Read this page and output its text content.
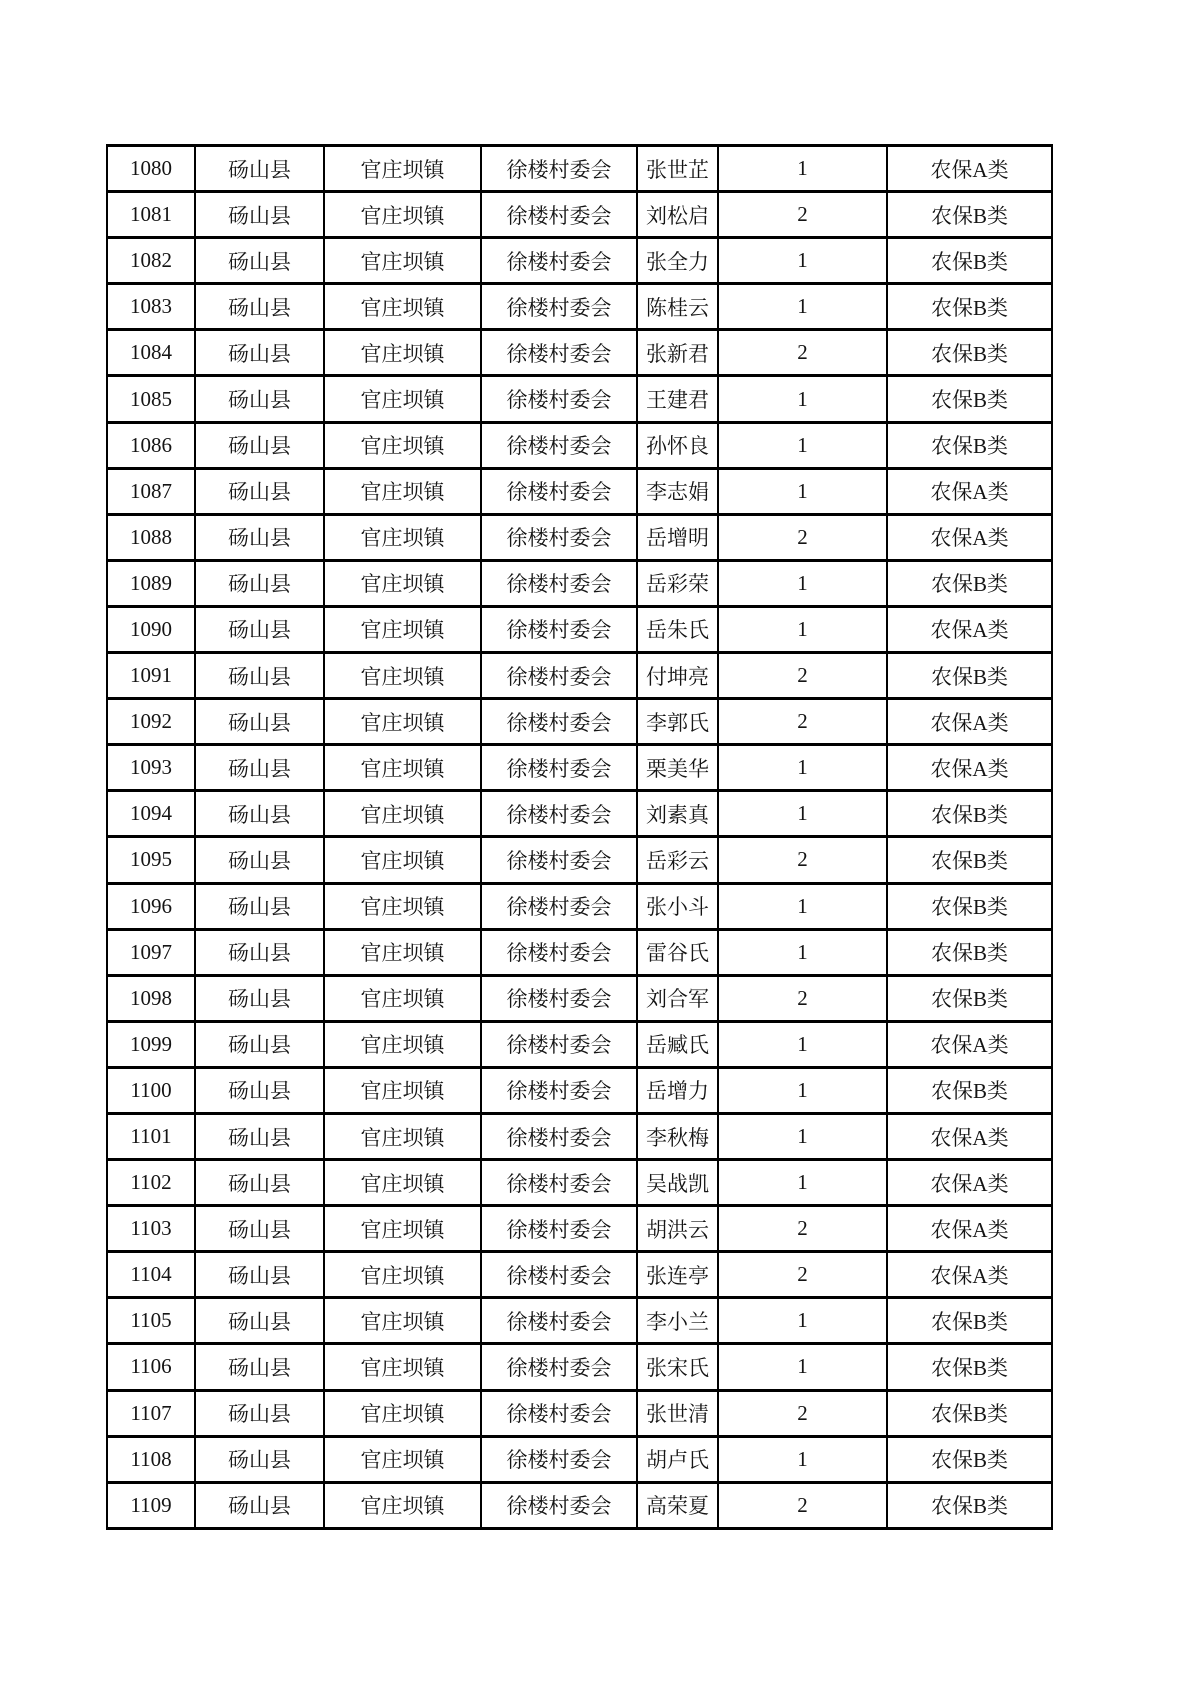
1080	砀山县	官庄坝镇	徐楼村委会	张世芷	1	农保A类
1081	砀山县	官庄坝镇	徐楼村委会	刘松启	2	农保B类
1082	砀山县	官庄坝镇	徐楼村委会	张全力	1	农保B类
1083	砀山县	官庄坝镇	徐楼村委会	陈桂云	1	农保B类
1084	砀山县	官庄坝镇	徐楼村委会	张新君	2	农保B类
1085	砀山县	官庄坝镇	徐楼村委会	王建君	1	农保B类
1086	砀山县	官庄坝镇	徐楼村委会	孙怀良	1	农保B类
1087	砀山县	官庄坝镇	徐楼村委会	李志娟	1	农保A类
1088	砀山县	官庄坝镇	徐楼村委会	岳增明	2	农保A类
1089	砀山县	官庄坝镇	徐楼村委会	岳彩荣	1	农保B类
1090	砀山县	官庄坝镇	徐楼村委会	岳朱氏	1	农保A类
1091	砀山县	官庄坝镇	徐楼村委会	付坤亮	2	农保B类
1092	砀山县	官庄坝镇	徐楼村委会	李郭氏	2	农保A类
1093	砀山县	官庄坝镇	徐楼村委会	栗美华	1	农保A类
1094	砀山县	官庄坝镇	徐楼村委会	刘素真	1	农保B类
1095	砀山县	官庄坝镇	徐楼村委会	岳彩云	2	农保B类
1096	砀山县	官庄坝镇	徐楼村委会	张小斗	1	农保B类
1097	砀山县	官庄坝镇	徐楼村委会	雷谷氏	1	农保B类
1098	砀山县	官庄坝镇	徐楼村委会	刘合军	2	农保B类
1099	砀山县	官庄坝镇	徐楼村委会	岳臧氏	1	农保A类
1100	砀山县	官庄坝镇	徐楼村委会	岳增力	1	农保B类
1101	砀山县	官庄坝镇	徐楼村委会	李秋梅	1	农保A类
1102	砀山县	官庄坝镇	徐楼村委会	吴战凯	1	农保A类
1103	砀山县	官庄坝镇	徐楼村委会	胡洪云	2	农保A类
1104	砀山县	官庄坝镇	徐楼村委会	张连亭	2	农保A类
1105	砀山县	官庄坝镇	徐楼村委会	李小兰	1	农保B类
1106	砀山县	官庄坝镇	徐楼村委会	张宋氏	1	农保B类
1107	砀山县	官庄坝镇	徐楼村委会	张世清	2	农保B类
1108	砀山县	官庄坝镇	徐楼村委会	胡卢氏	1	农保B类
1109	砀山县	官庄坝镇	徐楼村委会	高荣夏	2	农保B类
